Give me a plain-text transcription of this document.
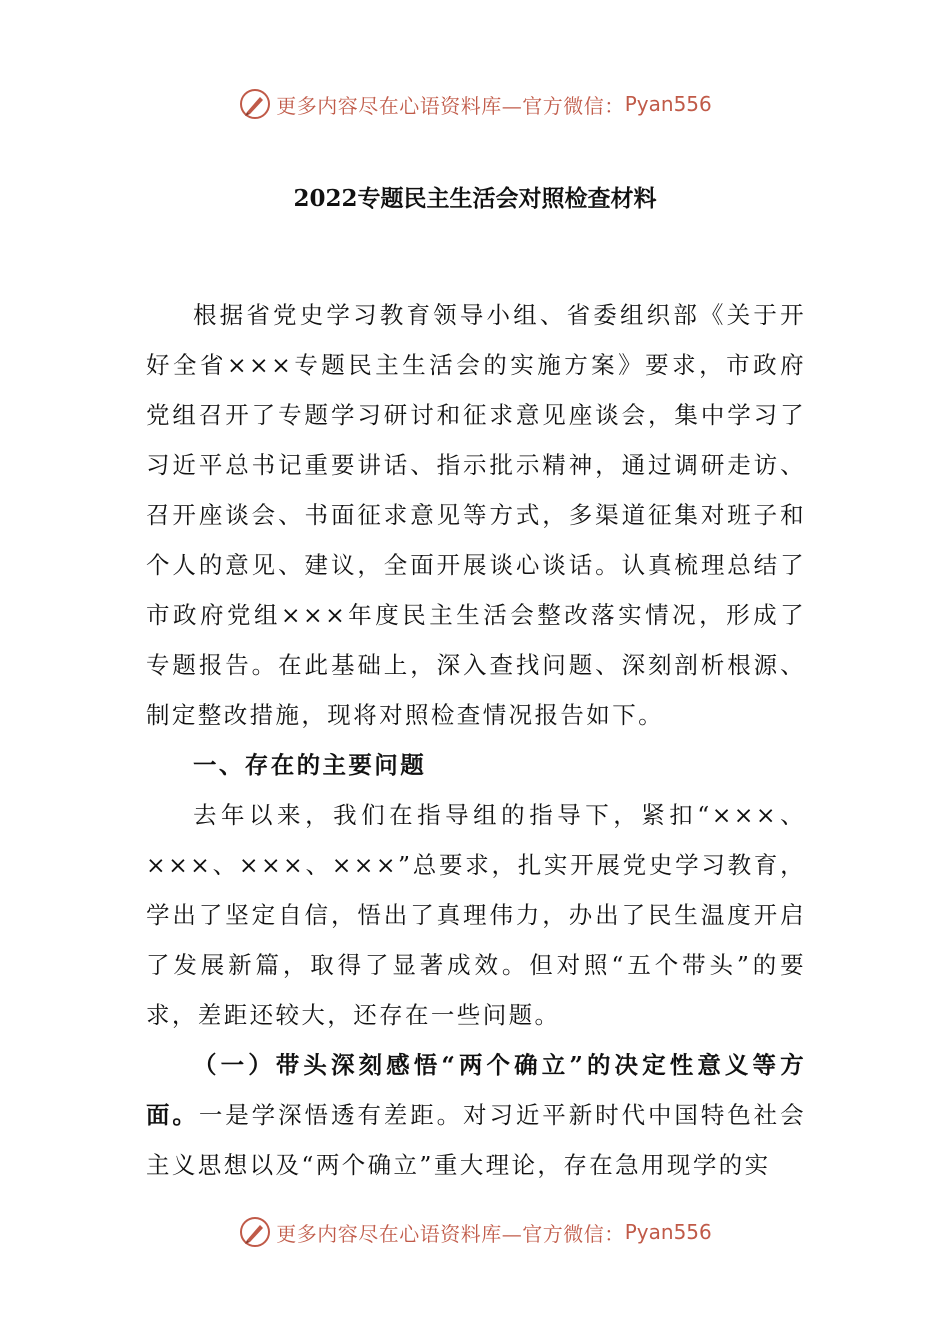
更多内容尽在心语资料库—官方微信： Pyan556
2022专题民主生活会对照检查材料

根据省党史学习教育领导小组、省委组织部《关于开好全省×××专题民主生活会的实施方案》要求，市政府党组召开了专题学习研讨和征求意见座谈会，集中学习了习近平总书记重要讲话、指示批示精神，通过调研走访、召开座谈会、书面征求意见等方式，多渠道征集对班子和个人的意见、建议，全面开展谈心谈话。认真梳理总结了市政府党组×××年度民主生活会整改落实情况，形成了专题报告。在此基础上，深入查找问题、深刻剖析根源、制定整改措施，现将对照检查情况报告如下。

一、存在的主要问题

去年以来，我们在指导组的指导下，紧扣“×××、×××、×××、×××”总要求，扎实开展党史学习教育，学出了坚定自信，悟出了真理伟力，办出了民生温度开启了发展新篇，取得了显著成效。但对照“五个带头”的要求，差距还较大，还存在一些问题。

（一）带头深刻感悟“两个确立”的决定性意义等方面。一是学深悟透有差距。对习近平新时代中国特色社会主义思想以及“两个确立”重大理论，存在急用现学的实

更多内容尽在心语资料库—官方微信： Pyan556
